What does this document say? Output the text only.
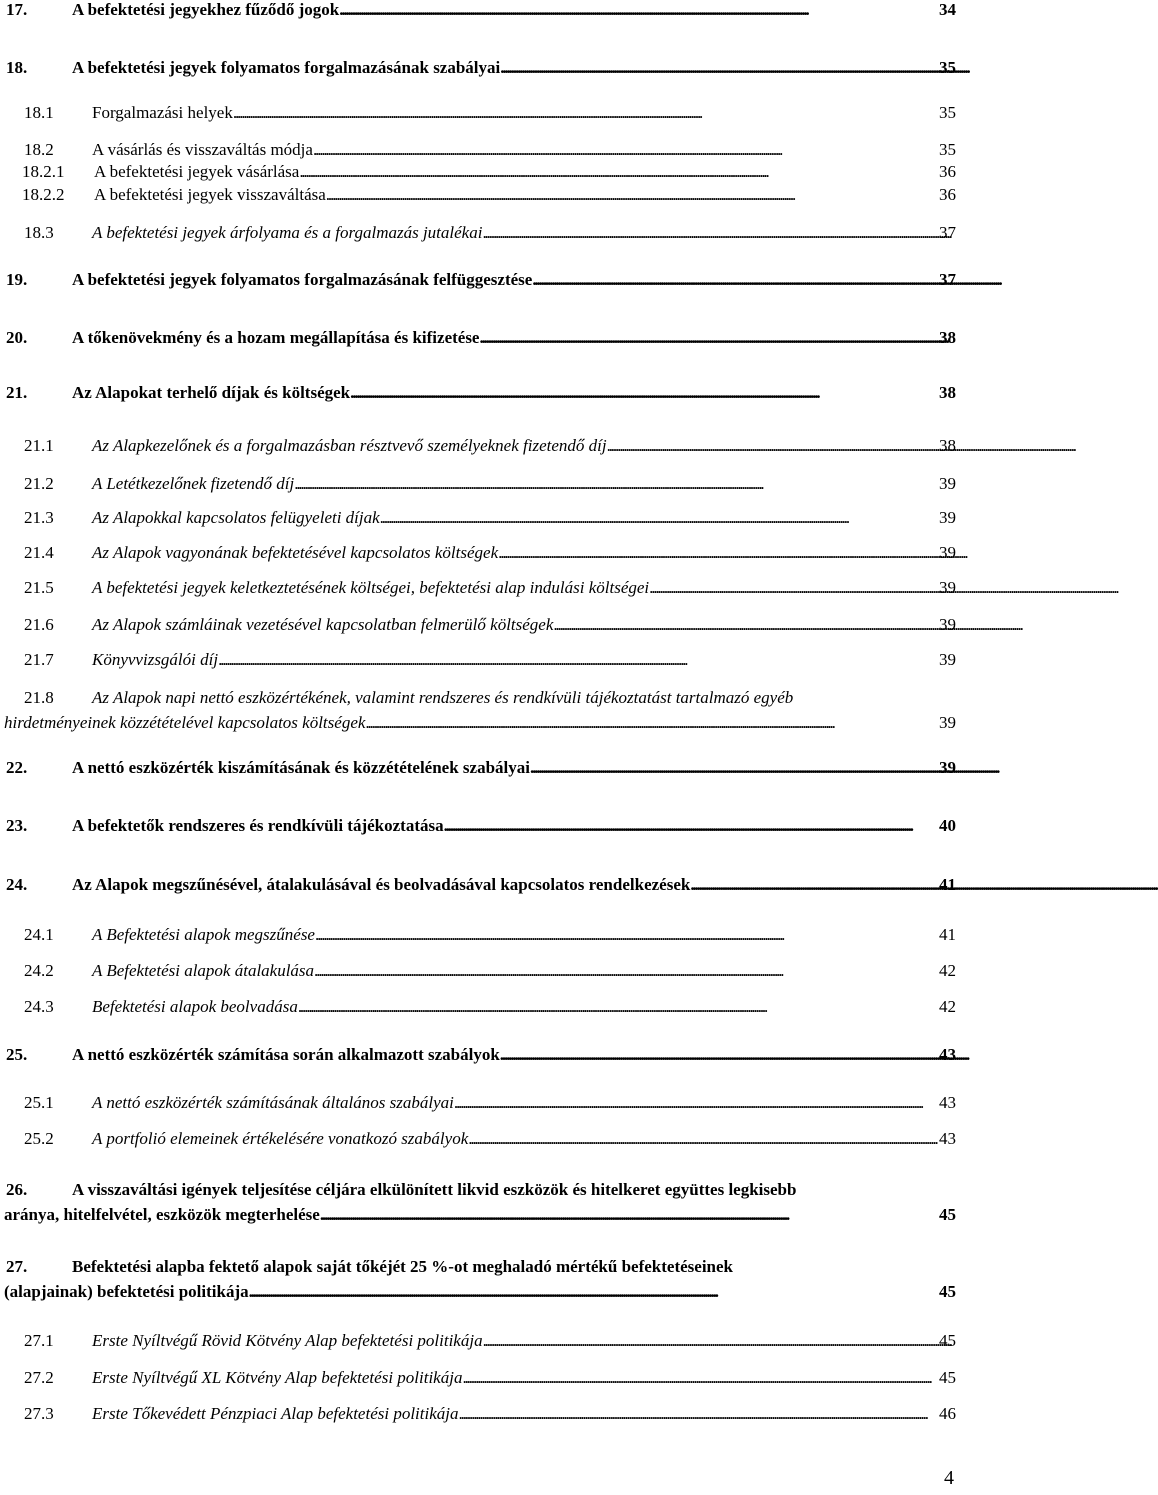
17.	A befektetési jegyekhez fűződő jogok . . .	34
18.	A befektetési jegyek folyamatos forgalmazásának szabályai . . .	35
18.1	Forgalmazási helyek . . .	35
18.2	A vásárlás és visszaváltás módja . . .	35
18.2.1	A befektetési jegyek vásárlása . . .	36
18.2.2	A befektetési jegyek visszaváltása . . .	36
18.3	A befektetési jegyek árfolyama és a forgalmazás jutalékai . . .	37
19.	A befektetési jegyek folyamatos forgalmazásának felfüggesztése . . .	37
20.	A tőkenövekmény és a hozam megállapítása és kifizetése . . .	38
21.	Az Alapokat terhelő díjak és költségek . . .	38
21.1	Az Alapkezelőnek és a forgalmazásban résztvevő személyeknek fizetendő díj . . .	38
21.2	A Letétkezelőnek fizetendő díj . . .	39
21.3	Az Alapokkal kapcsolatos felügyeleti díjak . . .	39
21.4	Az Alapok vagyonának befektetésével kapcsolatos költségek . . .	39
21.5	A befektetési jegyek keletkeztetésének költségei, befektetési alap indulási költségei . . .	39
21.6	Az Alapok számláinak vezetésével kapcsolatban felmerülő költségek . . .	39
21.7	Könyvvizsgálói díj . . .	39
21.8	Az Alapok napi nettó eszközértékének, valamint rendszeres és rendkívüli tájékoztatást tartalmazó egyéb
hirdetményeinek közzétételével kapcsolatos költségek . . .	39
22.	A nettó eszközérték kiszámításának és közzétételének szabályai . . .	39
23.	A befektetők rendszeres és rendkívüli tájékoztatása . . .	40
24.	Az Alapok megszűnésével, átalakulásával és beolvadásával kapcsolatos rendelkezések . . .	41
24.1	A Befektetési alapok megszűnése . . .	41
24.2	A Befektetési alapok átalakulása . . .	42
24.3	Befektetési alapok beolvadása . . .	42
25.	A nettó eszközérték számítása során alkalmazott szabályok . . .	43
25.1	A nettó eszközérték számításának általános szabályai . . .	43
25.2	A portfolió elemeinek értékelésére vonatkozó szabályok . . .	43
26.	A visszaváltási igények teljesítése céljára elkülönített likvid eszközök és hitelkeret együttes legkisebb
aránya, hitelfelvétel, eszközök megterhelése . . .	45
27.	Befektetési alapba fektető alapok saját tőkéjét 25 %-ot meghaladó mértékű befektetéseinek
(alapjainak) befektetési politikája . . .	45
27.1	Erste Nyíltvégű Rövid Kötvény Alap befektetési politikája . . .	45
27.2	Erste Nyíltvégű XL Kötvény Alap befektetési politikája . . .	45
27.3	Erste Tőkevédett Pénzpiaci Alap befektetési politikája . . .	46
4
